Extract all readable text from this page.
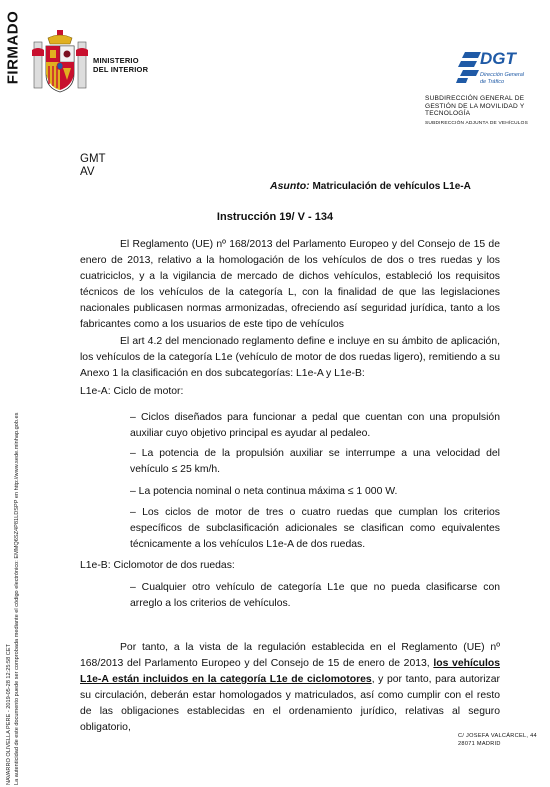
FIRMADO
NAVARRO OLIVELLA PERE - 2019-05-28 12:25:58 CET La autenticidad de este documento puede ser comprobada mediante el código electrónico: EMMQ6SZ4P81LDSPP en http://www.sede.minhap.gob.es
MINISTERIO
DEL INTERIOR
DGT
Dirección General
de Tráfico
SUBDIRECCIÓN GENERAL DE
GESTIÓN DE LA MOVILIDAD Y
TECNOLOGÍA
SUBDIRECCIÓN ADJUNTA DE VEHÍCULOS
GMT
AV
Asunto: Matriculación de vehículos L1e-A
Instrucción 19/ V - 134
El Reglamento (UE) nº 168/2013 del Parlamento Europeo y del Consejo de 15 de enero de 2013, relativo a la homologación de los vehículos de dos o tres ruedas y los cuatriciclos, y a la vigilancia de mercado de dichos vehículos, estableció los requisitos técnicos de los vehículos de la categoría L, con la finalidad de que las legislaciones nacionales publicasen normas armonizadas, ofreciendo así seguridad jurídica, tanto a los fabricantes como a los usuarios de este tipo de vehículos
El art 4.2 del mencionado reglamento define e incluye en su ámbito de aplicación, los vehículos de la categoría L1e (vehículo de motor de dos ruedas ligero), remitiendo a su Anexo 1 la clasificación en dos subcategorías: L1e-A y L1e-B:
L1e-A: Ciclo de motor:
– Ciclos diseñados para funcionar a pedal que cuentan con una propulsión auxiliar cuyo objetivo principal es ayudar al pedaleo.
– La potencia de la propulsión auxiliar se interrumpe a una velocidad del vehículo ≤ 25 km/h.
– La potencia nominal o neta continua máxima ≤ 1 000 W.
– Los ciclos de motor de tres o cuatro ruedas que cumplan los criterios específicos de subclasificación adicionales se clasifican como equivalentes técnicamente a los vehículos L1e-A de dos ruedas.
L1e-B: Ciclomotor de dos ruedas:
– Cualquier otro vehículo de categoría L1e que no pueda clasificarse con arreglo a los criterios de vehículos.
Por tanto, a la vista de la regulación establecida en el Reglamento (UE) nº 168/2013 del Parlamento Europeo y del Consejo de 15 de enero de 2013, los vehículos L1e-A están incluidos en la categoría L1e de ciclomotores, y por tanto, para autorizar su circulación, deberán estar homologados y matriculados, así como cumplir con el resto de las obligaciones establecidas en el ordenamiento jurídico, relativas al seguro obligatorio,
C/ JOSEFA VALCÁRCEL, 44
28071 MADRID
